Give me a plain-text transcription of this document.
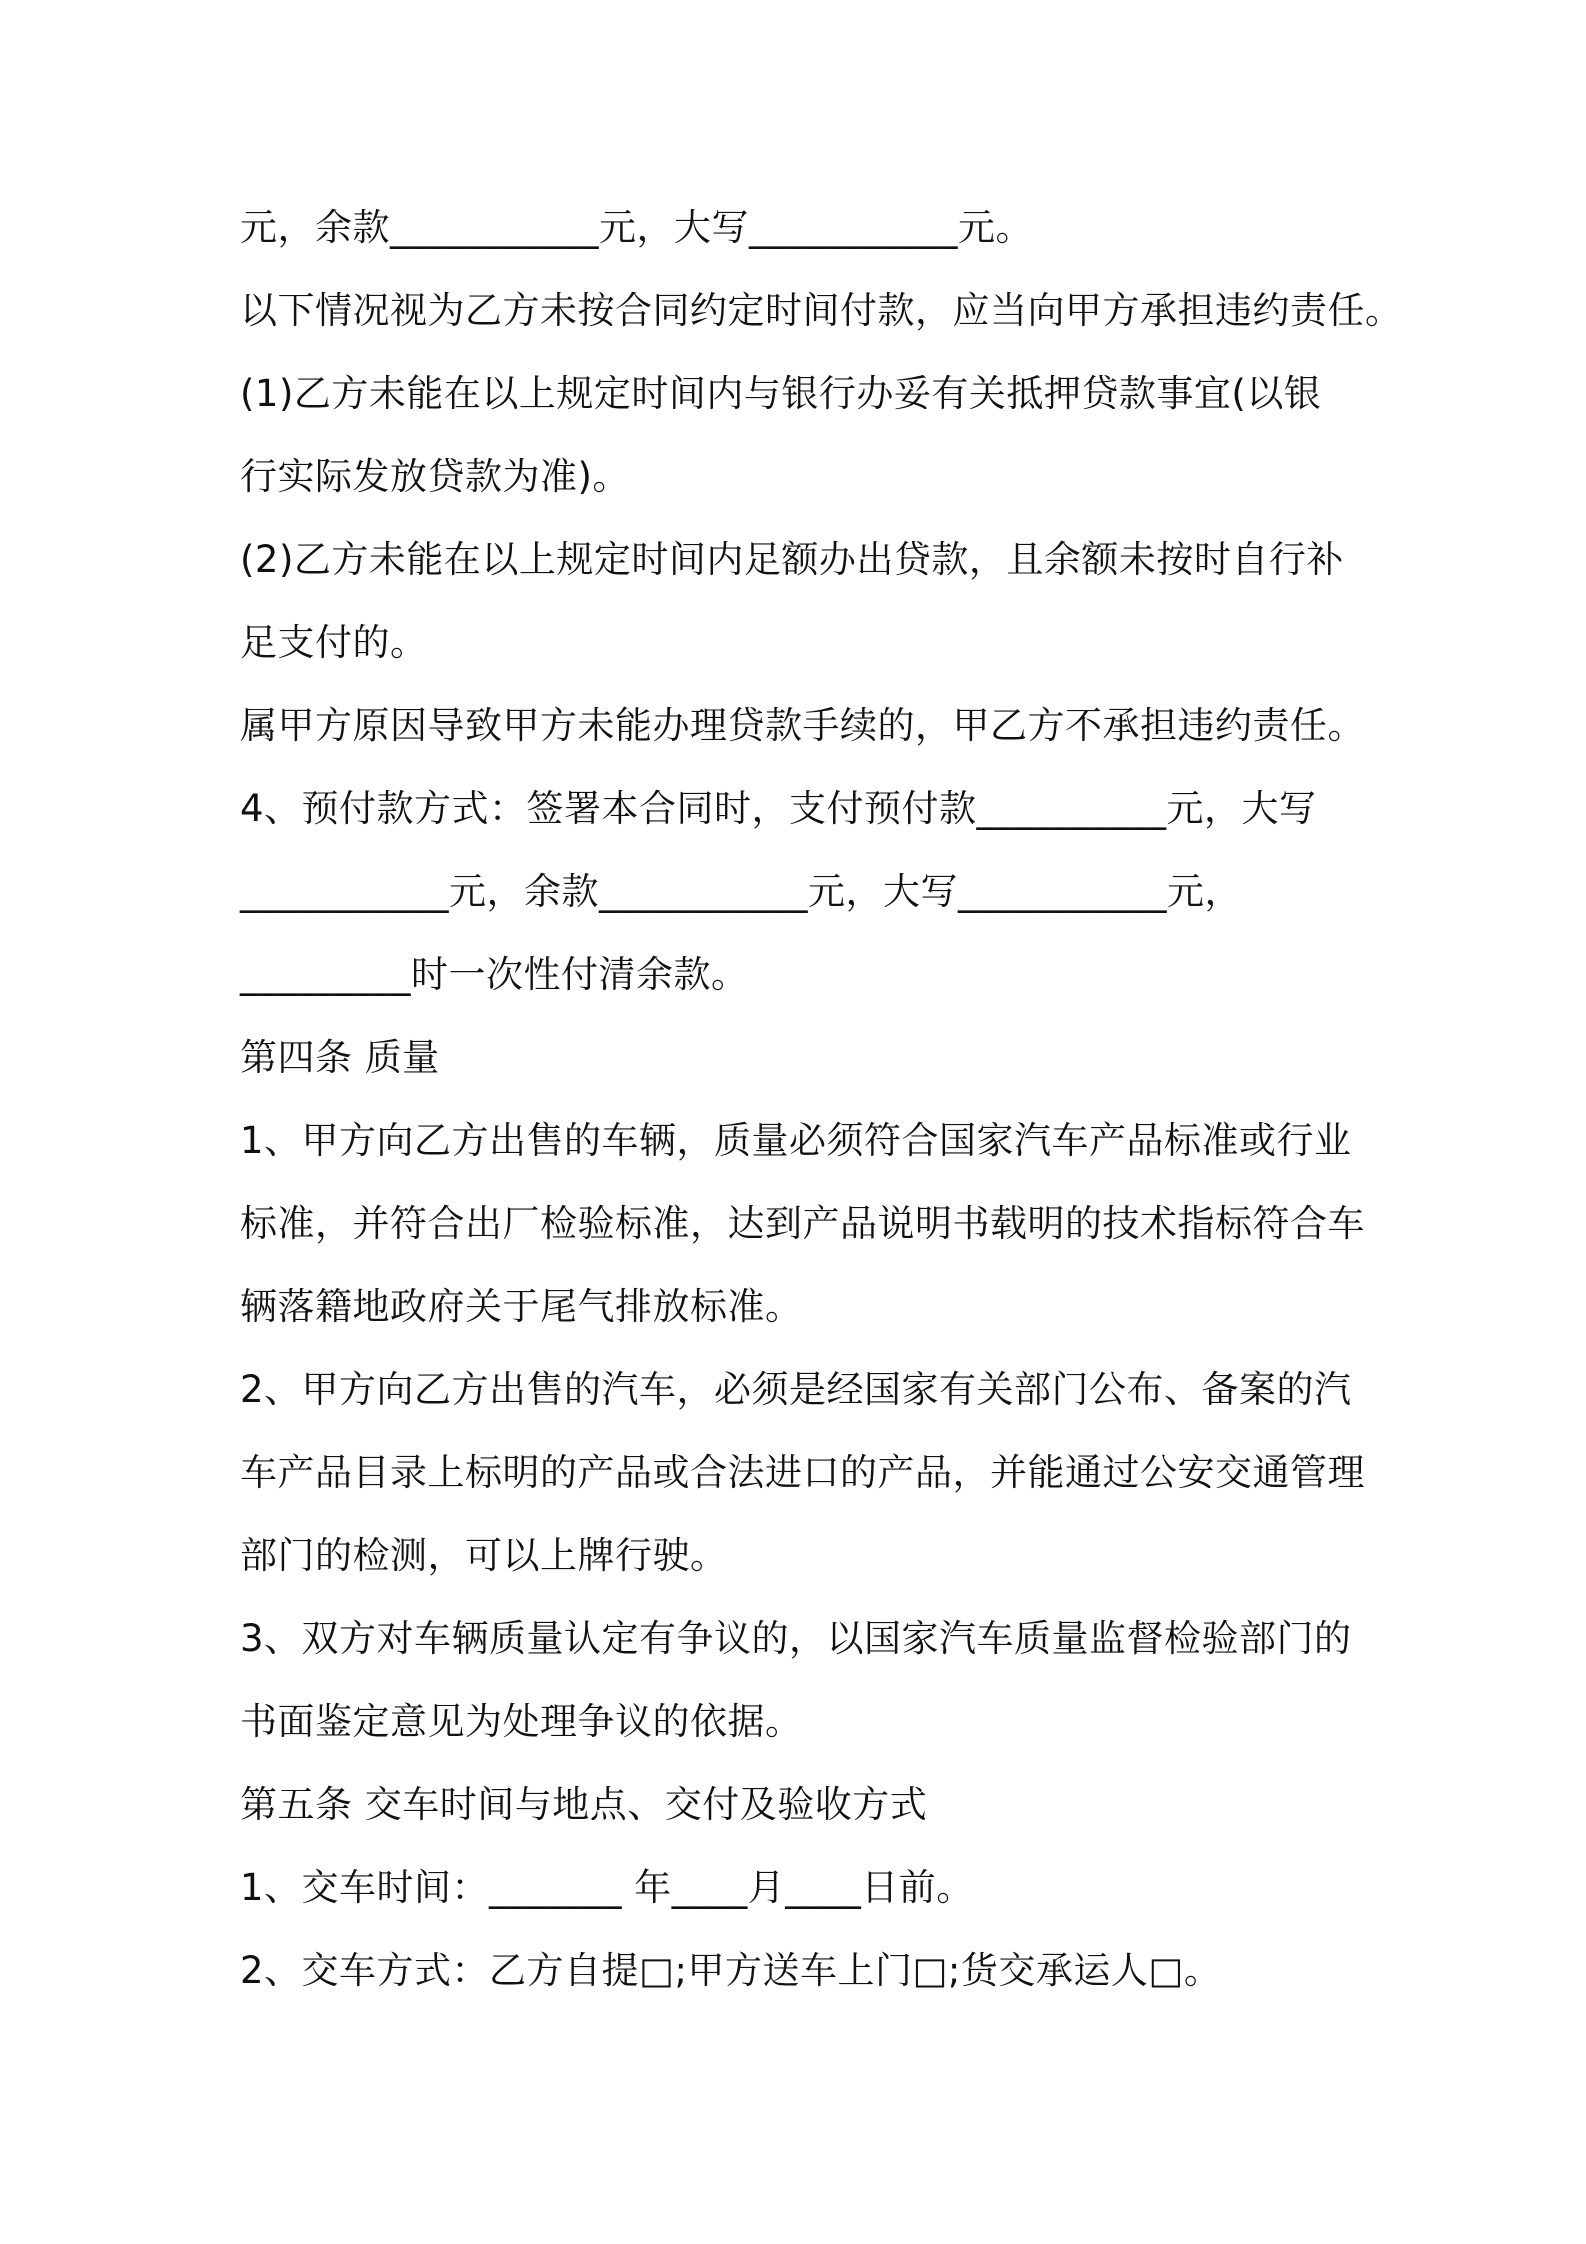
元，余款___________元，大写___________元。
以下情况视为乙方未按合同约定时间付款，应当向甲方承担违约责任。
(1)乙方未能在以上规定时间内与银行办妥有关抵押贷款事宜(以银
行实际发放贷款为准)。
(2)乙方未能在以上规定时间内足额办出贷款，且余额未按时自行补
足支付的。
属甲方原因导致甲方未能办理贷款手续的，甲乙方不承担违约责任。
4、预付款方式：签署本合同时，支付预付款__________元，大写
___________元，余款___________元，大写___________元，
_________时一次性付清余款。
第四条 质量
1、甲方向乙方出售的车辆，质量必须符合国家汽车产品标准或行业
标准，并符合出厂检验标准，达到产品说明书载明的技术指标符合车
辆落籍地政府关于尾气排放标准。
2、甲方向乙方出售的汽车，必须是经国家有关部门公布、备案的汽
车产品目录上标明的产品或合法进口的产品，并能通过公安交通管理
部门的检测，可以上牌行驶。
3、双方对车辆质量认定有争议的，以国家汽车质量监督检验部门的
书面鉴定意见为处理争议的依据。
第五条 交车时间与地点、交付及验收方式
1、交车时间：_______ 年____月____日前。
2、交车方式：乙方自提□;甲方送车上门□;货交承运人□。
